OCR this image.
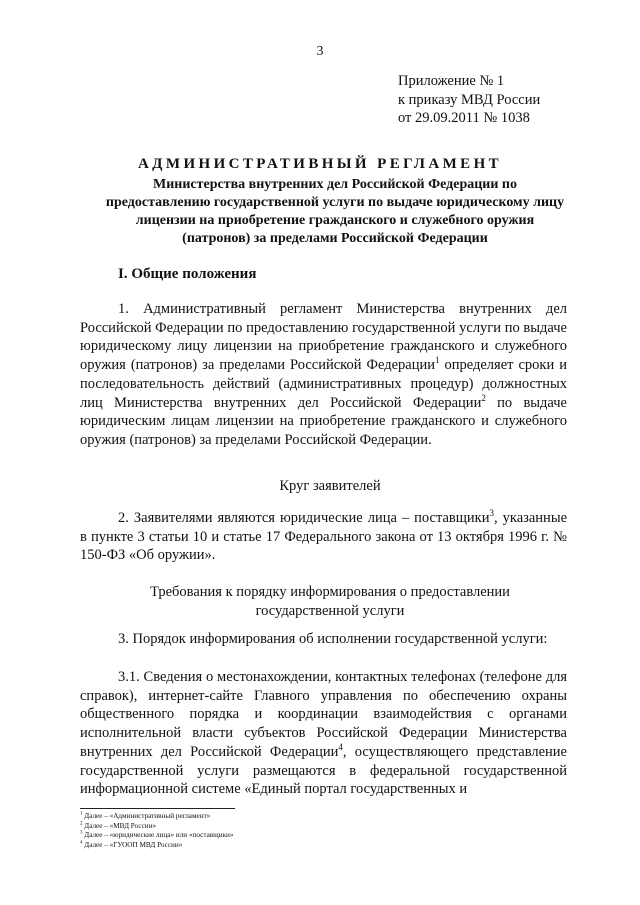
3
Приложение № 1
к приказу МВД России
от 29.09.2011 № 1038
АДМИНИСТРАТИВНЫЙ РЕГЛАМЕНТ
Министерства внутренних дел Российской Федерации по предоставлению государственной услуги по выдаче юридическому лицу лицензии на приобретение гражданского и служебного оружия (патронов) за пределами Российской Федерации
I. Общие положения
1. Административный регламент Министерства внутренних дел Российской Федерации по предоставлению государственной услуги по выдаче юридическому лицу лицензии на приобретение гражданского и служебного оружия (патронов) за пределами Российской Федерации$^1$ определяет сроки и последовательность действий (административных процедур) должностных лиц Министерства внутренних дел Российской Федерации$^2$ по выдаче юридическим лицам лицензии на приобретение гражданского и служебного оружия (патронов) за пределами Российской Федерации.
Круг заявителей
2. Заявителями являются юридические лица – поставщики$^3$, указанные в пункте 3 статьи 10 и статье 17 Федерального закона от 13 октября 1996 г. № 150-ФЗ «Об оружии».
Требования к порядку информирования о предоставлении государственной услуги
3. Порядок информирования об исполнении государственной услуги:
3.1. Сведения о местонахождении, контактных телефонах (телефоне для справок), интернет-сайте Главного управления по обеспечению охраны общественного порядка и координации взаимодействия с органами исполнительной власти субъектов Российской Федерации Министерства внутренних дел Российской Федерации$^4$, осуществляющего представление государственной услуги размещаются в федеральной государственной информационной системе «Единый портал государственных и
$^1$ Далее – «Административный регламент»
$^2$ Далее – «МВД России»
$^3$ Далее – «юридические лица» или «поставщики»
$^4$ Далее – «ГУООП МВД России»
